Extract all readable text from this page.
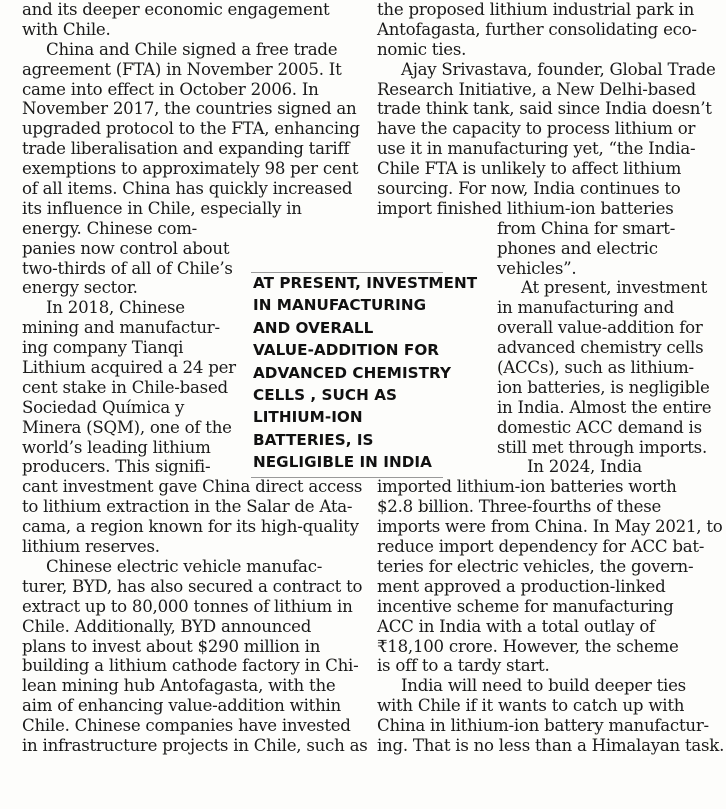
and its deeper economic engagement
with Chile.
China and Chile signed a free trade
agreement (FTA) in November 2005. It
came into effect in October 2006. In
November 2017, the countries signed an
upgraded protocol to the FTA, enhancing
trade liberalisation and expanding tariff
exemptions to approximately 98 per cent
of all items. China has quickly increased
its influence in Chile, especially in
energy. Chinese com-
panies now control about
two-thirds of all of Chile’s
energy sector.
In 2018, Chinese
mining and manufactur-
ing company Tianqi
Lithium acquired a 24 per
cent stake in Chile-based
Sociedad Química y
Minera (SQM), one of the
world’s leading lithium
producers. This signifi-
cant investment gave China direct access
to lithium extraction in the Salar de Ata-
cama, a region known for its high-quality
lithium reserves.
Chinese electric vehicle manufac-
turer, BYD, has also secured a contract to
extract up to 80,000 tonnes of lithium in
Chile. Additionally, BYD announced
plans to invest about $290 million in
building a lithium cathode factory in Chi-
lean mining hub Antofagasta, with the
aim of enhancing value-addition within
Chile. Chinese companies have invested
in infrastructure projects in Chile, such as
the proposed lithium industrial park in
Antofagasta, further consolidating eco-
nomic ties.
Ajay Srivastava, founder, Global Trade
Research Initiative, a New Delhi-based
trade think tank, said since India doesn’t
have the capacity to process lithium or
use it in manufacturing yet, “the India-
Chile FTA is unlikely to affect lithium
sourcing. For now, India continues to
import finished lithium-ion batteries
from China for smart-
phones and electric
vehicles”.
At present, investment
in manufacturing and
overall value-addition for
advanced chemistry cells
(ACCs), such as lithium-
ion batteries, is negligible
in India. Almost the entire
domestic ACC demand is
still met through imports.
In 2024, India
imported lithium-ion batteries worth
$2.8 billion. Three-fourths of these
imports were from China. In May 2021, to
reduce import dependency for ACC bat-
teries for electric vehicles, the govern-
ment approved a production-linked
incentive scheme for manufacturing
ACC in India with a total outlay of
₹18,100 crore. However, the scheme
is off to a tardy start.
India will need to build deeper ties
with Chile if it wants to catch up with
China in lithium-ion battery manufactur-
ing. That is no less than a Himalayan task.
AT PRESENT, INVESTMENT
IN MANUFACTURING
AND OVERALL
VALUE-ADDITION FOR
ADVANCED CHEMISTRY
CELLS , SUCH AS
LITHIUM-ION
BATTERIES, IS
NEGLIGIBLE IN INDIA
